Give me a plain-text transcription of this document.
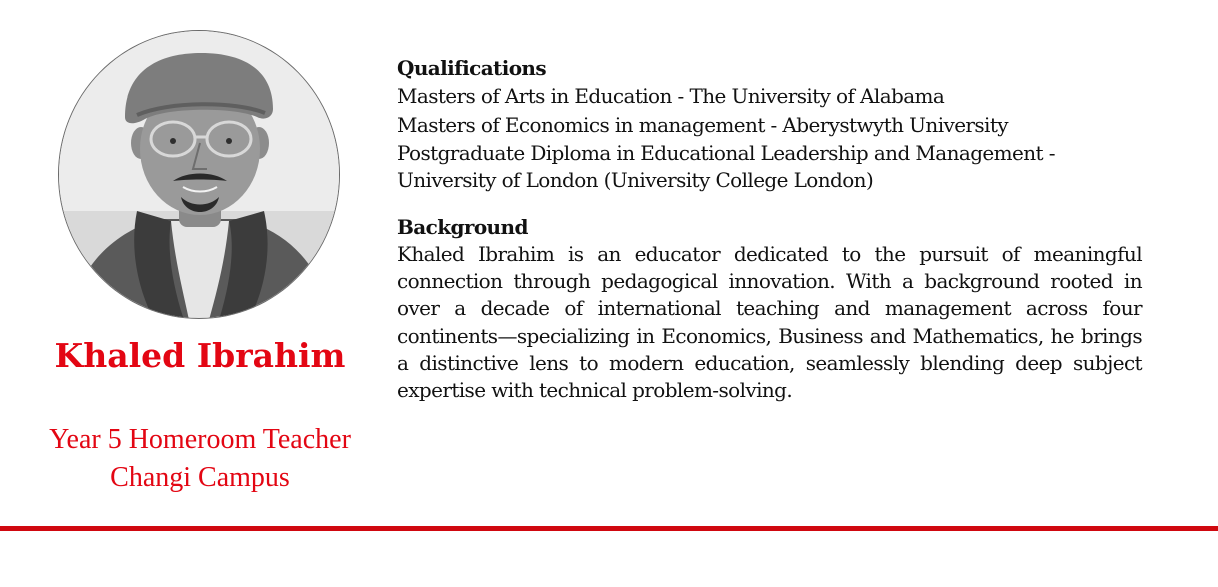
Khaled Ibrahim
Year 5 Homeroom Teacher
Changi Campus
Qualifications
Masters of Arts in Education - The University of Alabama
Masters of Economics in management - Aberystwyth University
Postgraduate Diploma in Educational Leadership and Management - University of London (University College London)
Background
Khaled Ibrahim is an educator dedicated to the pursuit of meaningful connection through pedagogical innovation. With a background rooted in over a decade of international teaching and management across four continents—specializing in Economics, Business and Mathematics, he brings a distinctive lens to modern education, seamlessly blending deep subject expertise with technical problem-solving.
